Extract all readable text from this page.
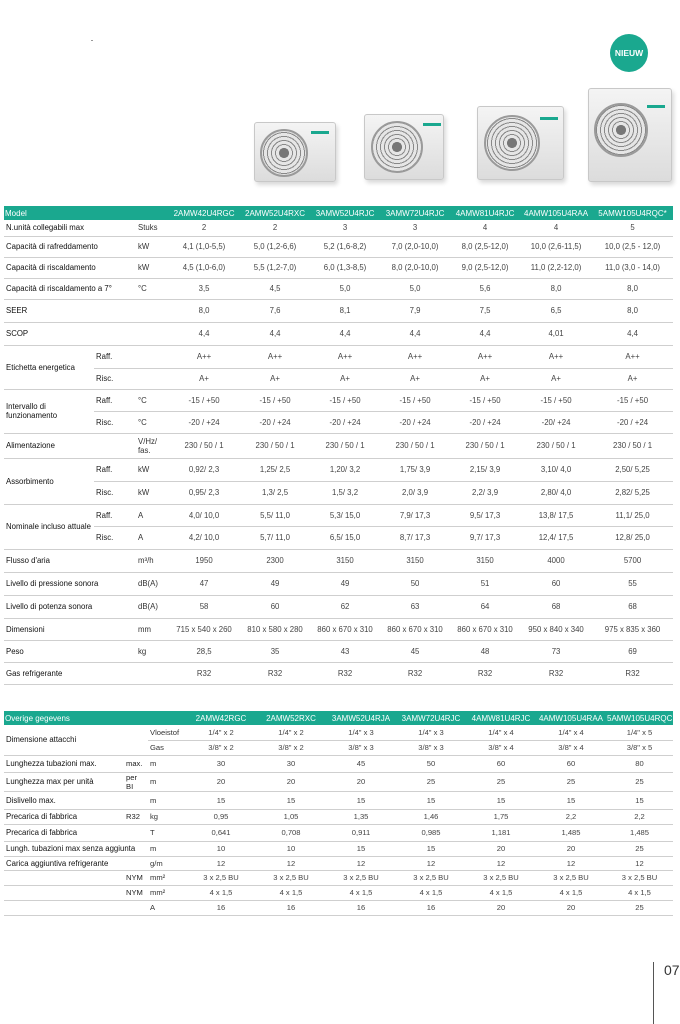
NIEUW
Model			2AMW42U4RGC	2AMW52U4RXC	3AMW52U4RJC	3AMW72U4RJC	4AMW81U4RJC	4AMW105U4RAA	5AMW105U4RQC*
N.unità collegabili max		Stuks	2	2	3	3	4	4	5
Capacità di rafreddamento		kW	4,1 (1,0-5,5)	5,0 (1,2-6,6)	5,2 (1,6-8,2)	7,0 (2,0-10,0)	8,0 (2,5-12,0)	10,0 (2,6-11,5)	10,0 (2,5 - 12,0)
Capacità di riscaldamento		kW	4,5 (1,0-6,0)	5,5 (1,2-7,0)	6,0 (1,3-8,5)	8,0 (2,0-10,0)	9,0 (2,5-12,0)	11,0 (2,2-12,0)	11,0 (3,0 - 14,0)
Capacità di riscaldamento a 7°		°C	3,5	4,5	5,0	5,0	5,6	8,0	8,0
SEER			8,0	7,6	8,1	7,9	7,5	6,5	8,0
SCOP			4,4	4,4	4,4	4,4	4,4	4,01	4,4
Etichetta energetica	Raff.		A++	A++	A++	A++	A++	A++	A++
	Risc.		A+	A+	A+	A+	A+	A+	A+
Intervallo di funzionamento	Raff.	°C	-15 / +50	-15 / +50	-15 / +50	-15 / +50	-15 / +50	-15 / +50	-15 / +50
	Risc.	°C	-20 / +24	-20 / +24	-20 / +24	-20 / +24	-20 / +24	-20/ +24	-20 / +24
Alimentazione		V/Hz/ fas.	230 / 50 / 1	230 / 50 / 1	230 / 50 / 1	230 / 50 / 1	230 / 50 / 1	230 / 50 / 1	230 / 50 / 1
Assorbimento	Raff.	kW	0,92/ 2,3	1,25/ 2,5	1,20/ 3,2	1,75/ 3,9	2,15/ 3,9	3,10/ 4,0	2,50/ 5,25
	Risc.	kW	0,95/ 2,3	1,3/ 2,5	1,5/ 3,2	2,0/ 3,9	2,2/ 3,9	2,80/ 4,0	2,82/ 5,25
Nominale incluso attuale	Raff.	A	4,0/ 10,0	5,5/ 11,0	5,3/ 15,0	7,9/ 17,3	9,5/ 17,3	13,8/ 17,5	11,1/ 25,0
	Risc.	A	4,2/ 10,0	5,7/ 11,0	6,5/ 15,0	8,7/ 17,3	9,7/ 17,3	12,4/ 17,5	12,8/ 25,0
Flusso d'aria		m³/h	1950	2300	3150	3150	3150	4000	5700
Livello di pressione sonora		dB(A)	47	49	49	50	51	60	55
Livello di potenza sonora		dB(A)	58	60	62	63	64	68	68
Dimensioni		mm	715 x 540 x 260	810 x 580 x 280	860 x 670 x 310	860 x 670 x 310	860 x 670 x 310	950 x 840 x 340	975 x 835 x 360
Peso		kg	28,5	35	43	45	48	73	69
Gas refrigerante			R32	R32	R32	R32	R32	R32	R32
Overige gegevens			2AMW42RGC	2AMW52RXC	3AMW52U4RJA	3AMW72U4RJC	4AMW81U4RJC	4AMW105U4RAA	5AMW105U4RQC
Dimensione attacchi		Vloeistof	1/4" x 2	1/4" x 2	1/4" x 3	1/4" x 3	1/4" x 4	1/4" x 4	1/4" x 5
		Gas	3/8" x 2	3/8" x 2	3/8" x 3	3/8" x 3	3/8" x 4	3/8" x 4	3/8" x 5
Lunghezza tubazioni max.	max.	m	30	30	45	50	60	60	80
Lunghezza max per unità	per BI	m	20	20	20	25	25	25	25
Dislivello max.		m	15	15	15	15	15	15	15
Precarica di fabbrica	R32	kg	0,95	1,05	1,35	1,46	1,75	2,2	2,2
Precarica di fabbrica		T	0,641	0,708	0,911	0,985	1,181	1,485	1,485
Lungh. tubazioni max senza aggiunta		m	10	10	15	15	20	20	25
Carica aggiuntiva refrigerante		g/m	12	12	12	12	12	12	12
	NYM	mm²	3 x 2,5 BU	3 x 2,5 BU	3 x 2,5 BU	3 x 2,5 BU	3 x 2,5 BU	3 x 2,5 BU	3 x 2,5 BU
	NYM	mm²	4 x 1,5	4 x 1,5	4 x 1,5	4 x 1,5	4 x 1,5	4 x 1,5	4 x 1,5
		A	16	16	16	16	20	20	25
07
